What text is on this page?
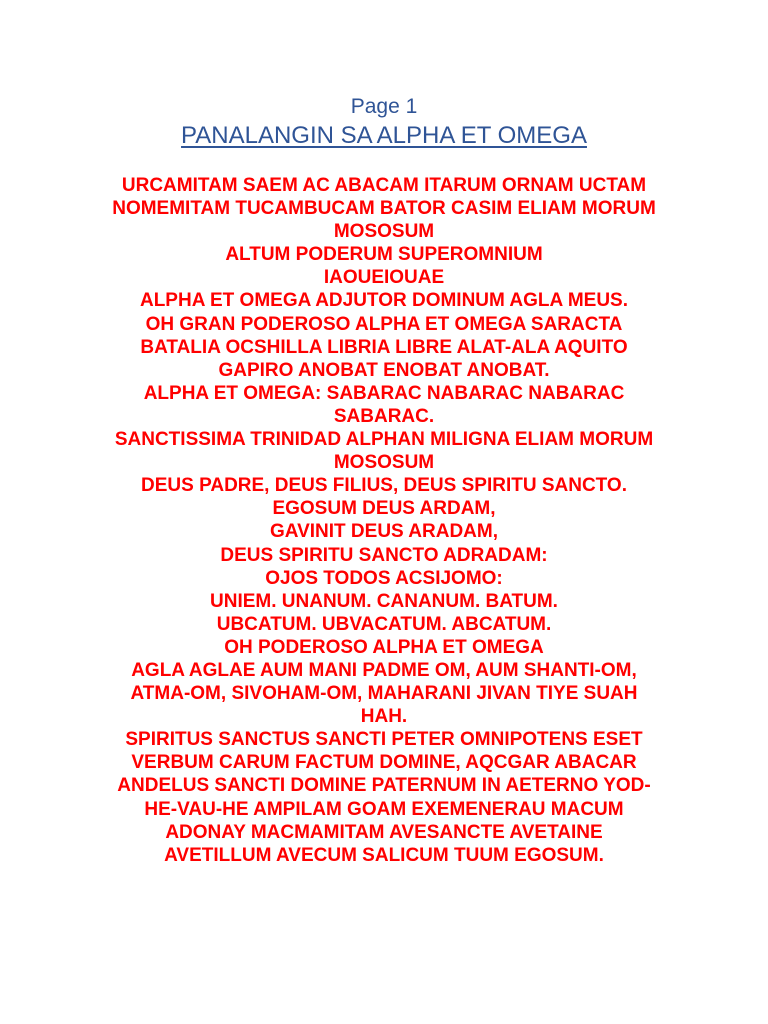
Page 1
PANALANGIN SA ALPHA ET OMEGA
URCAMITAM SAEM AC ABACAM ITARUM ORNAM UCTAM
NOMEMITAM TUCAMBUCAM BATOR CASIM ELIAM MORUM
MOSOSUM
ALTUM PODERUM SUPEROMNIUM
IAOUEIOUAE
ALPHA ET OMEGA ADJUTOR DOMINUM AGLA MEUS.
OH GRAN PODEROSO ALPHA ET OMEGA SARACTA
BATALIA OCSHILLA LIBRIA LIBRE ALAT-ALA AQUITO
GAPIRO ANOBAT ENOBAT ANOBAT.
ALPHA ET OMEGA: SABARAC NABARAC NABARAC
SABARAC.
SANCTISSIMA TRINIDAD ALPHAN MILIGNA ELIAM MORUM
MOSOSUM
DEUS PADRE, DEUS FILIUS, DEUS SPIRITU SANCTO.
EGOSUM DEUS ARDAM,
GAVINIT DEUS ARADAM,
DEUS SPIRITU SANCTO ADRADAM:
OJOS TODOS ACSIJOMO:
UNIEM. UNANUM. CANANUM. BATUM.
UBCATUM. UBVACATUM. ABCATUM.
OH PODEROSO ALPHA ET OMEGA
AGLA AGLAE AUM MANI PADME OM, AUM SHANTI-OM,
ATMA-OM, SIVOHAM-OM, MAHARANI JIVAN TIYE SUAH
HAH.
SPIRITUS SANCTUS SANCTI PETER OMNIPOTENS ESET
VERBUM CARUM FACTUM DOMINE, AQCGAR ABACAR
ANDELUS SANCTI DOMINE PATERNUM IN AETERNO YOD-
HE-VAU-HE AMPILAM GOAM EXEMENERAU MACUM
ADONAY MACMAMITAM AVESANCTE AVETAINE
AVETILLUM AVECUM SALICUM TUUM EGOSUM.
